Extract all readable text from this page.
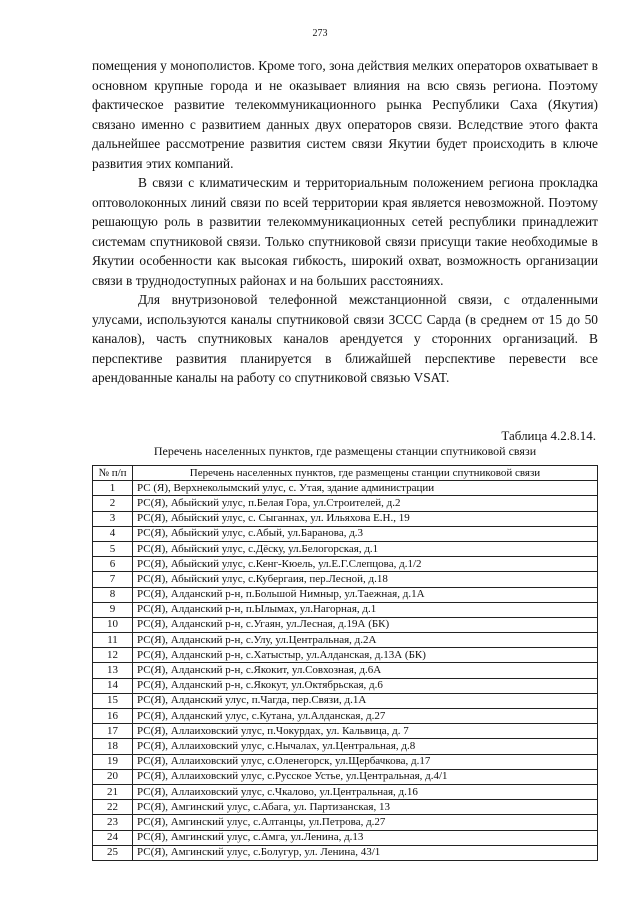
273

помещения у монополистов. Кроме того, зона действия мелких операторов охватывает в основном крупные города и не оказывает влияния на всю связь региона. Поэтому фактическое развитие телекоммуникационного рынка Республики Саха (Якутия) связано именно с развитием данных двух операторов связи. Вследствие этого факта дальнейшее рассмотрение развития систем связи Якутии будет происходить в ключе развития этих компаний.

В связи с климатическим и территориальным положением региона прокладка оптоволоконных линий связи по всей территории края является невозможной. Поэтому решающую роль в развитии телекоммуникационных сетей республики принадлежит системам спутниковой связи. Только спутниковой связи присущи такие необходимые в Якутии особенности как высокая гибкость, широкий охват, возможность организации связи в труднодоступных районах и на больших расстояниях.

Для внутризоновой телефонной межстанционной связи, с отдаленными улусами, используются каналы спутниковой связи ЗССС Сарда (в среднем от 15 до 50 каналов), часть спутниковых каналов арендуется у сторонних организаций. В перспективе развития планируется в ближайшей перспективе перевести все арендованные каналы на работу со спутниковой связью VSAT.

Таблица 4.2.8.14.
Перечень населенных пунктов, где размещены станции спутниковой связи
№ п/п	Перечень населенных пунктов, где размещены станции спутниковой связи
1	РС (Я), Верхнеколымский улус, с. Утая, здание администрации
2	РС(Я), Абыйский улус, п.Белая Гора, ул.Строителей, д.2
3	РС(Я), Абыйский улус, с. Сыганнах, ул. Ильяхова Е.Н., 19
4	РС(Я), Абыйский улус, с.Абый, ул.Баранова, д.3
5	РС(Я), Абыйский улус, с.Дёску, ул.Белогорская, д.1
6	РС(Я), Абыйский улус, с.Кенг-Кюель, ул.Е.Г.Слепцова, д.1/2
7	РС(Я), Абыйский улус, с.Кубергаия, пер.Лесной, д.18
8	РС(Я), Алданский р-н, п.Большой Нимныр, ул.Таежная, д.1А
9	РС(Я), Алданский р-н, п.Ылымах, ул.Нагорная, д.1
10	РС(Я), Алданский р-н, с.Угаян, ул.Лесная, д.19А (БК)
11	РС(Я), Алданский р-н, с.Улу, ул.Центральная, д.2А
12	РС(Я), Алданский р-н, с.Хатыстыр, ул.Алданская, д.13А (БК)
13	РС(Я), Алданский р-н, с.Якокит, ул.Совхозная, д.6А
14	РС(Я), Алданский р-н, с.Якокут, ул.Октябрьская, д.6
15	РС(Я), Алданский улус, п.Чагда, пер.Связи, д.1А
16	РС(Я), Алданский улус, с.Кутана, ул.Алданская, д.27
17	РС(Я), Аллаиховский улус, п.Чокурдах, ул. Кальвица, д. 7
18	РС(Я), Аллаиховский улус, с.Нычалах, ул.Центральная, д.8
19	РС(Я), Аллаиховский улус, с.Оленегорск, ул.Щербачкова, д.17
20	РС(Я), Аллаиховский улус, с.Русское Устье, ул.Центральная, д.4/1
21	РС(Я), Аллаиховский улус, с.Чкалово, ул.Центральная, д.16
22	РС(Я), Амгинский улус, с.Абага, ул. Партизанская, 13
23	РС(Я), Амгинский улус, с.Алтанцы, ул.Петрова, д.27
24	РС(Я), Амгинский улус, с.Амга, ул.Ленина, д.13
25	РС(Я), Амгинский улус, с.Болугур, ул. Ленина, 43/1
